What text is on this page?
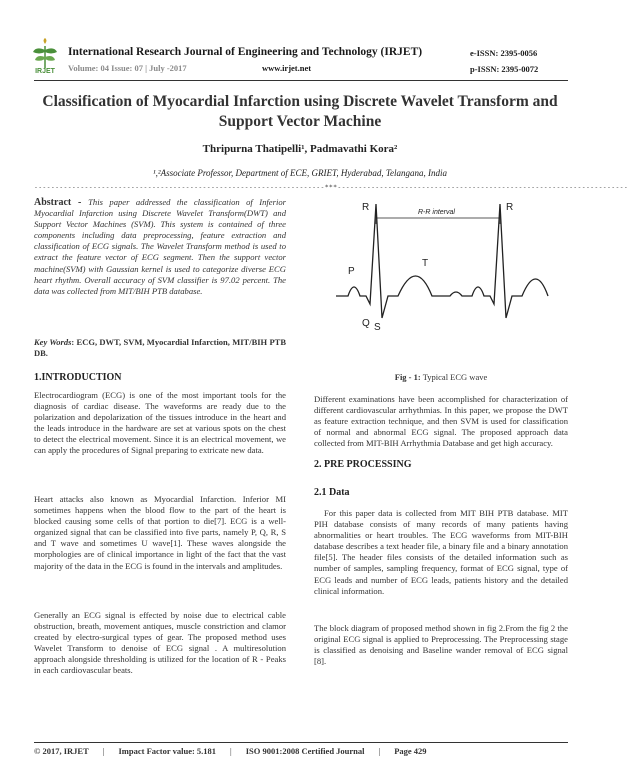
IRJET
International Research Journal of Engineering and Technology (IRJET)
Volume: 04 Issue: 07 | July -2017	www.irjet.net
e-ISSN: 2395-0056
p-ISSN: 2395-0072
Classification of Myocardial Infarction using Discrete Wavelet Transform and Support Vector Machine
Thripurna Thatipelli¹, Padmavathi Kora²
¹,²Associate Professor, Department of ECE, GRIET, Hyderabad, Telangana, India
---------------------------------------------------------------------***---------------------------------------------------------------------

Abstract - This paper addressed the classification of Inferior Myocardial Infarction using Discrete Wavelet Transform(DWT) and Support Vector Machines (SVM). This system is contained of three components including data preprocessing, feature extraction and classification of ECG signals. The Wavelet Transform method is used to extract the feature vector of ECG segment. Then the support vector machine(SVM) with Gaussian kernel is used to categorize diverse ECG heart rhythm. Overall accuracy of SVM classifier is 97.02 percent. The data was collected from MIT/BIH PTB database.

Key Words: ECG, DWT, SVM, Myocardial Infarction, MIT/BIH PTB DB.

1.INTRODUCTION

Electrocardiogram (ECG) is one of the most important tools for the diagnosis of cardiac disease. The waveforms are ready due to the polarization and depolarization of the tissues introduce in the heart and the leads introduce in the hardware are set at various spots on the chest to detect the electrical movement. Since it is an electrical movement, we can apply the procedures of Signal preparing to extricate new data.

Heart attacks also known as Myocardial Infarction. Inferior MI sometimes happens when the blood flow to the part of the heart is blocked causing some cells of that portion to die[7]. ECG is a well-organized signal that can be classified into five parts, namely P, Q, R, S and T wave and sometimes U wave[1]. These waves alongside the morphologies are of clinical importance in light of the fact that the vast majority of the data in the ECG is found in the intervals and amplitudes.

Generally an ECG signal is effected by noise due to electrical cable obstruction, breath, movement antiques, muscle constriction and clamor created by electro-surgical types of gear. The proposed method uses Wavelet Transform to denoise of ECG signal . A multiresolution approach alongside thresholding is utilized for the location of R - Peaks in each cardiovascular beats.

R	R
R-R interval
P
T
Q S
Fig - 1: Typical ECG wave

Different examinations have been accomplished for characterization of different cardiovascular arrhythmias. In this paper, we propose the DWT as feature extraction technique, and then SVM is used for classification of normal and abnormal ECG signal. The proposed approach data collected from MIT-BIH Arrhythmia Database and get high accuracy.

2. PRE PROCESSING
2.1 Data

For this paper data is collected from MIT BIH PTB database. MIT PIH database consists of many records of many patients having abnormalities or heart troubles. The ECG waveforms from MIT-BIH database describes a text header file, a binary file and a binary annotation file[5]. The header files consists of the detailed information such as number of samples, sampling frequency, format of ECG signal, type of ECG leads and number of ECG leads, patients history and the detailed clinical information.

The block diagram of proposed method shown in fig 2.From the fig 2 the original ECG signal is applied to Preprocessing. The Preprocessing stage is classified as denoising and Baseline wander removal of ECG signal [8].

© 2017, IRJET | Impact Factor value: 5.181 | ISO 9001:2008 Certified Journal | Page 429
